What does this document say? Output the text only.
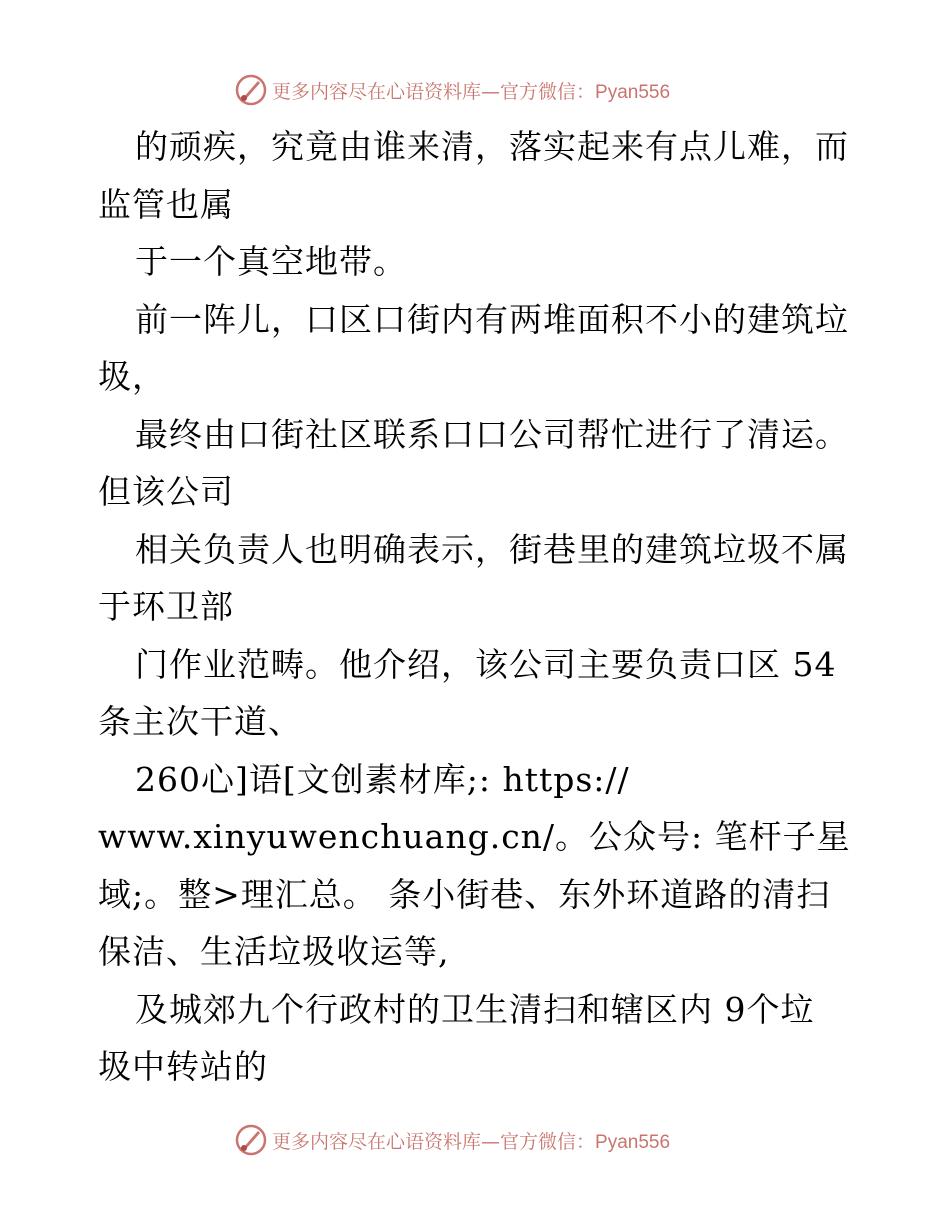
更多内容尽在心语资料库—官方微信：Pyan556
的顽疾，究竟由谁来清，落实起来有点儿难，而
监管也属
于一个真空地带。
前一阵儿，口区口街内有两堆面积不小的建筑垃
圾，
最终由口街社区联系口口公司帮忙进行了清运。
但该公司
相关负责人也明确表示，街巷里的建筑垃圾不属
于环卫部
门作业范畴。他介绍，该公司主要负责口区 54
条主次干道、
260心]语[文创素材库;: https://
www.xinyuwenchuang.cn/。公众号: 笔杆子星
域;。整>理汇总。 条小街巷、东外环道路的清扫
保洁、生活垃圾收运等,
及城郊九个行政村的卫生清扫和辖区内 9个垃
圾中转站的
更多内容尽在心语资料库—官方微信：Pyan556
